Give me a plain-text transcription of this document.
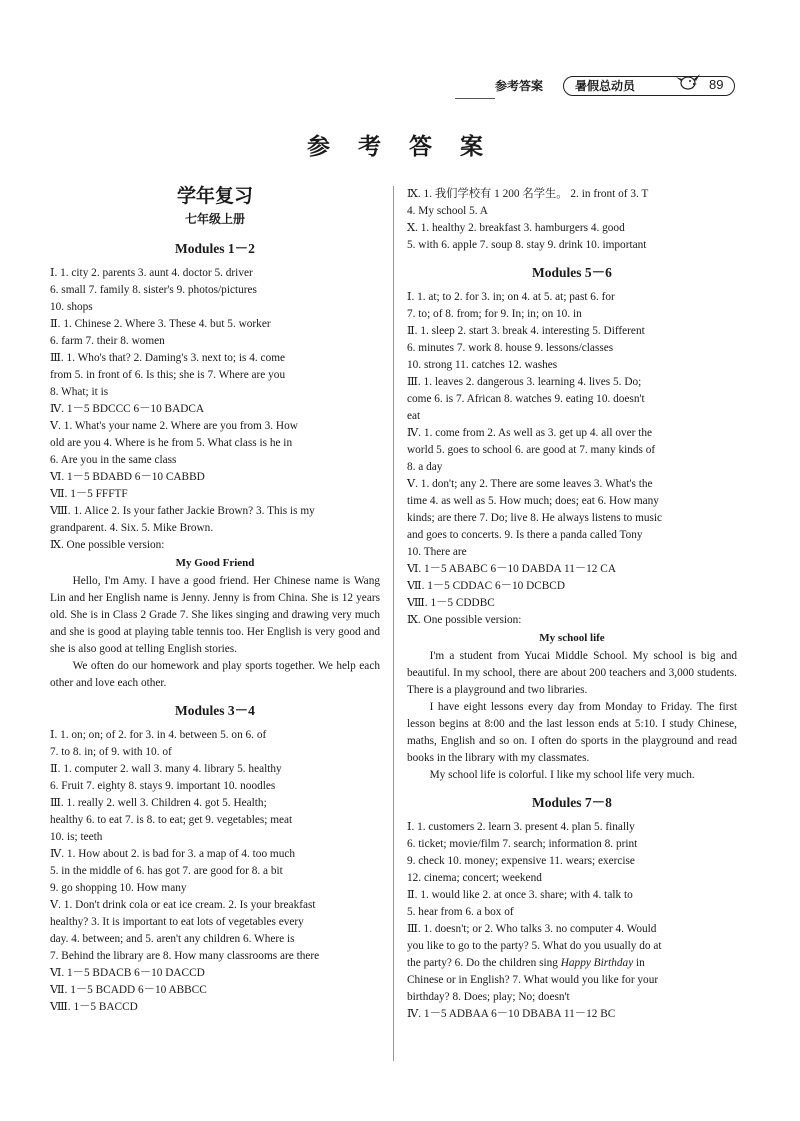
参考答案	暑假总动员	89
参 考 答 案
学年复习
七年级上册
Modules 1－2
Ⅰ. 1. city 2. parents 3. aunt 4. doctor 5. driver
6. small 7. family 8. sister's 9. photos/pictures
10. shops
Ⅱ. 1. Chinese 2. Where 3. These 4. but 5. worker
6. farm 7. their 8. women
Ⅲ. 1. Who's that? 2. Daming's 3. next to; is 4. come
from 5. in front of 6. Is this; she is 7. Where are you
8. What; it is
Ⅳ. 1－5 BDCCC 6－10 BADCA
Ⅴ. 1. What's your name 2. Where are you from 3. How
old are you 4. Where is he from 5. What class is he in
6. Are you in the same class
Ⅵ. 1－5 BDABD 6－10 CABBD
Ⅶ. 1－5 FFFTF
Ⅷ. 1. Alice 2. Is your father Jackie Brown? 3. This is my
grandparent. 4. Six. 5. Mike Brown.
Ⅸ. One possible version:
My Good Friend
Hello, I'm Amy. I have a good friend. Her Chinese name is Wang Lin and her English name is Jenny. Jenny is from China. She is 12 years old. She is in Class 2 Grade 7. She likes singing and drawing very much and she is good at playing table tennis too. Her English is very good and she is also good at telling English stories.
We often do our homework and play sports together. We help each other and love each other.
Modules 3－4
Ⅰ. 1. on; on; of 2. for 3. in 4. between 5. on 6. of
7. to 8. in; of 9. with 10. of
Ⅱ. 1. computer 2. wall 3. many 4. library 5. healthy
6. Fruit 7. eighty 8. stays 9. important 10. noodles
Ⅲ. 1. really 2. well 3. Children 4. got 5. Health;
healthy 6. to eat 7. is 8. to eat; get 9. vegetables; meat
10. is; teeth
Ⅳ. 1. How about 2. is bad for 3. a map of 4. too much
5. in the middle of 6. has got 7. are good for 8. a bit
9. go shopping 10. How many
Ⅴ. 1. Don't drink cola or eat ice cream. 2. Is your breakfast
healthy? 3. It is important to eat lots of vegetables every
day. 4. between; and 5. aren't any children 6. Where is
7. Behind the library are 8. How many classrooms are there
Ⅵ. 1－5 BDACB 6－10 DACCD
Ⅶ. 1－5 BCADD 6－10 ABBCC
Ⅷ. 1－5 BACCD
Ⅸ. 1. 我们学校有 1 200 名学生。 2. in front of 3. T
4. My school 5. A
Ⅹ. 1. healthy 2. breakfast 3. hamburgers 4. good
5. with 6. apple 7. soup 8. stay 9. drink 10. important
Modules 5－6
Ⅰ. 1. at; to 2. for 3. in; on 4. at 5. at; past 6. for
7. to; of 8. from; for 9. In; in; on 10. in
Ⅱ. 1. sleep 2. start 3. break 4. interesting 5. Different
6. minutes 7. work 8. house 9. lessons/classes
10. strong 11. catches 12. washes
Ⅲ. 1. leaves 2. dangerous 3. learning 4. lives 5. Do;
come 6. is 7. African 8. watches 9. eating 10. doesn't
eat
Ⅳ. 1. come from 2. As well as 3. get up 4. all over the
world 5. goes to school 6. are good at 7. many kinds of
8. a day
Ⅴ. 1. don't; any 2. There are some leaves 3. What's the
time 4. as well as 5. How much; does; eat 6. How many
kinds; are there 7. Do; live 8. He always listens to music
and goes to concerts. 9. Is there a panda called Tony
10. There are
Ⅵ. 1－5 ABABC 6－10 DABDA 11－12 CA
Ⅶ. 1－5 CDDAC 6－10 DCBCD
Ⅷ. 1－5 CDDBC
Ⅸ. One possible version:
My school life
I'm a student from Yucai Middle School. My school is big and beautiful. In my school, there are about 200 teachers and 3,000 students. There is a playground and two libraries.
I have eight lessons every day from Monday to Friday. The first lesson begins at 8:00 and the last lesson ends at 5:10. I study Chinese, maths, English and so on. I often do sports in the playground and read books in the library with my classmates.
My school life is colorful. I like my school life very much.
Modules 7－8
Ⅰ. 1. customers 2. learn 3. present 4. plan 5. finally
6. ticket; movie/film 7. search; information 8. print
9. check 10. money; expensive 11. wears; exercise
12. cinema; concert; weekend
Ⅱ. 1. would like 2. at once 3. share; with 4. talk to
5. hear from 6. a box of
Ⅲ. 1. doesn't; or 2. Who talks 3. no computer 4. Would
you like to go to the party? 5. What do you usually do at
the party? 6. Do the children sing Happy Birthday in
Chinese or in English? 7. What would you like for your
birthday? 8. Does; play; No; doesn't
Ⅳ. 1－5 ADBAA 6－10 DBABA 11－12 BC
